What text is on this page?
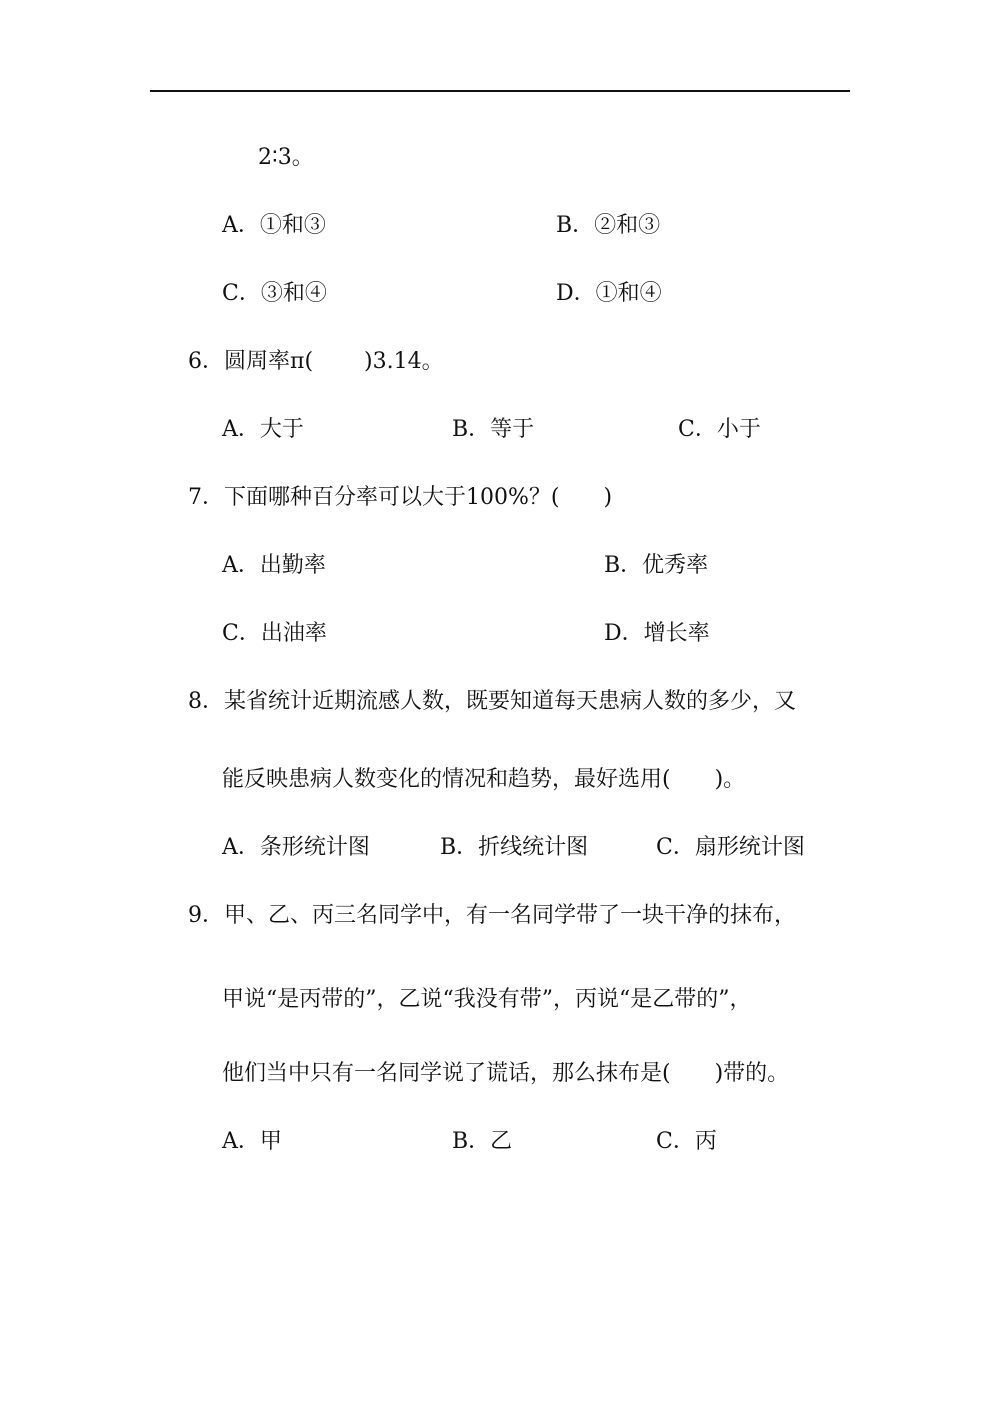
2∶3。
A．①和③	B．②和③
C．③和④	D．①和④
6．圆周率π(　　 )3.14。
A．大于	B．等于	C．小于
7．下面哪种百分率可以大于100%？(　　)
A．出勤率	B．优秀率
C．出油率	D．增长率
8．某省统计近期流感人数，既要知道每天患病人数的多少，又
能反映患病人数变化的情况和趋势，最好选用(　　)。
A．条形统计图	B．折线统计图	C．扇形统计图
9．甲、乙、丙三名同学中，有一名同学带了一块干净的抹布，
甲说“是丙带的”，乙说“我没有带”，丙说“是乙带的”，
他们当中只有一名同学说了谎话，那么抹布是(　　)带的。
A．甲	B．乙	C．丙
